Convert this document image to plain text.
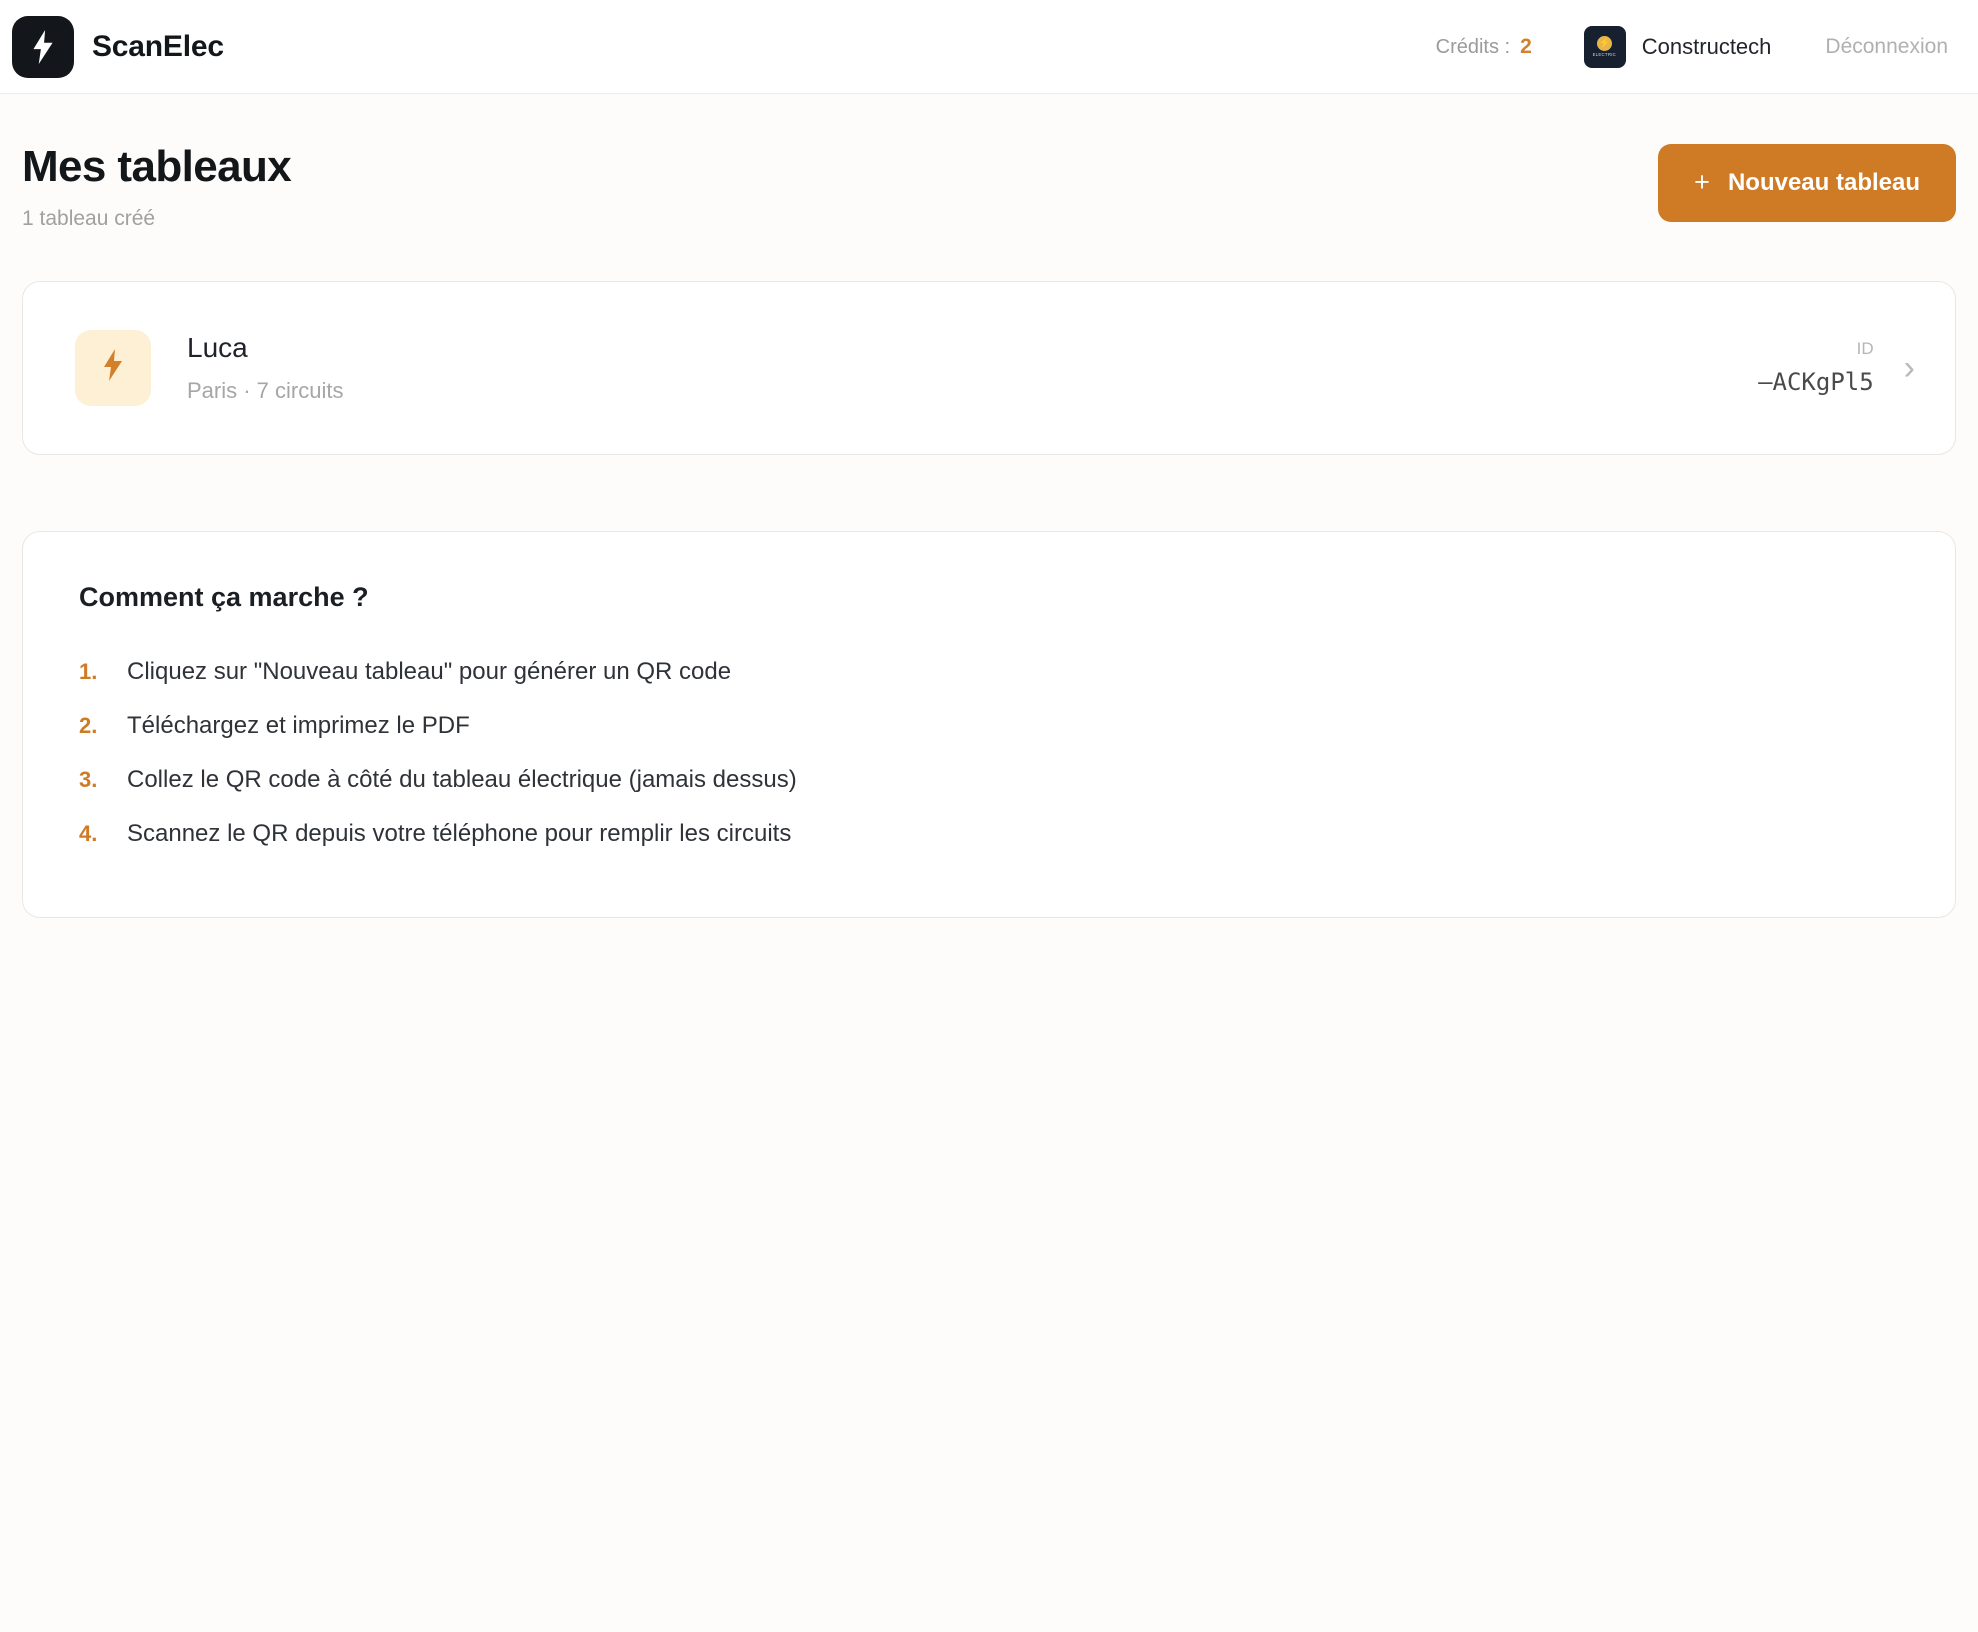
ScanElec	Crédits : 2	⚡
ELECTRIC Constructech	Déconnexion
Mes tableaux
1 tableau créé
+ Nouveau tableau
Luca
Paris · 7 circuits
ID
—ACKgPl5 ›
Comment ça marche ?
1.	Cliquez sur "Nouveau tableau" pour générer un QR code
2.	Téléchargez et imprimez le PDF
3.	Collez le QR code à côté du tableau électrique (jamais dessus)
4.	Scannez le QR depuis votre téléphone pour remplir les circuits
